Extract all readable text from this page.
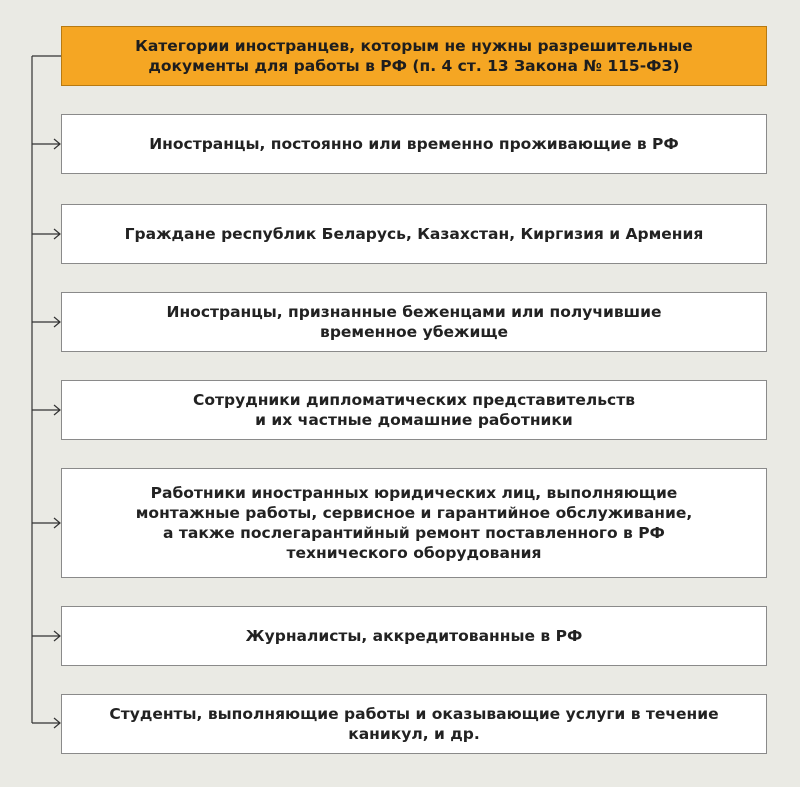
Категории иностранцев, которым не нужны разрешительные
документы для работы в РФ (п. 4 ст. 13 Закона № 115-ФЗ)
Иностранцы, постоянно или временно проживающие в РФ
Граждане республик Беларусь, Казахстан, Киргизия и Армения
Иностранцы, признанные беженцами или получившие
временное убежище
Сотрудники дипломатических представительств
и их частные домашние работники
Работники иностранных юридических лиц, выполняющие
монтажные работы, сервисное и гарантийное обслуживание,
а также послегарантийный ремонт поставленного в РФ
технического оборудования
Журналисты, аккредитованные в РФ
Студенты, выполняющие работы и оказывающие услуги в течение
каникул, и др.
